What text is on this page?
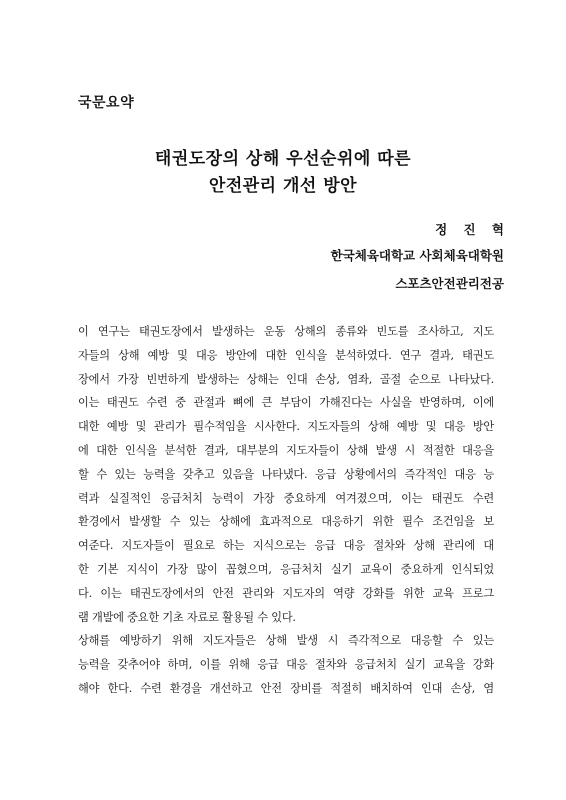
국문요약
태권도장의 상해 우선순위에 따른
안전관리 개선 방안
정 진 혁
한국체육대학교 사회체육대학원
스포츠안전관리전공
이 연구는 태권도장에서 발생하는 운동 상해의 종류와 빈도를 조사하고, 지도
자들의 상해 예방 및 대응 방안에 대한 인식을 분석하였다. 연구 결과, 태권도
장에서 가장 빈번하게 발생하는 상해는 인대 손상, 염좌, 골절 순으로 나타났다.
이는 태권도 수련 중 관절과 뼈에 큰 부담이 가해진다는 사실을 반영하며, 이에
대한 예방 및 관리가 필수적임을 시사한다. 지도자들의 상해 예방 및 대응 방안
에 대한 인식을 분석한 결과, 대부분의 지도자들이 상해 발생 시 적절한 대응을
할 수 있는 능력을 갖추고 있음을 나타냈다. 응급 상황에서의 즉각적인 대응 능
력과 실질적인 응급처치 능력이 가장 중요하게 여겨졌으며, 이는 태권도 수련
환경에서 발생할 수 있는 상해에 효과적으로 대응하기 위한 필수 조건임을 보
여준다. 지도자들이 필요로 하는 지식으로는 응급 대응 절차와 상해 관리에 대
한 기본 지식이 가장 많이 꼽혔으며, 응급처치 실기 교육이 중요하게 인식되었
다. 이는 태권도장에서의 안전 관리와 지도자의 역량 강화를 위한 교육 프로그
램 개발에 중요한 기초 자료로 활용될 수 있다.
상해를 예방하기 위해 지도자들은 상해 발생 시 즉각적으로 대응할 수 있는
능력을 갖추어야 하며, 이를 위해 응급 대응 절차와 응급처치 실기 교육을 강화
해야 한다. 수련 환경을 개선하고 안전 장비를 적절히 배치하여 인대 손상, 염
